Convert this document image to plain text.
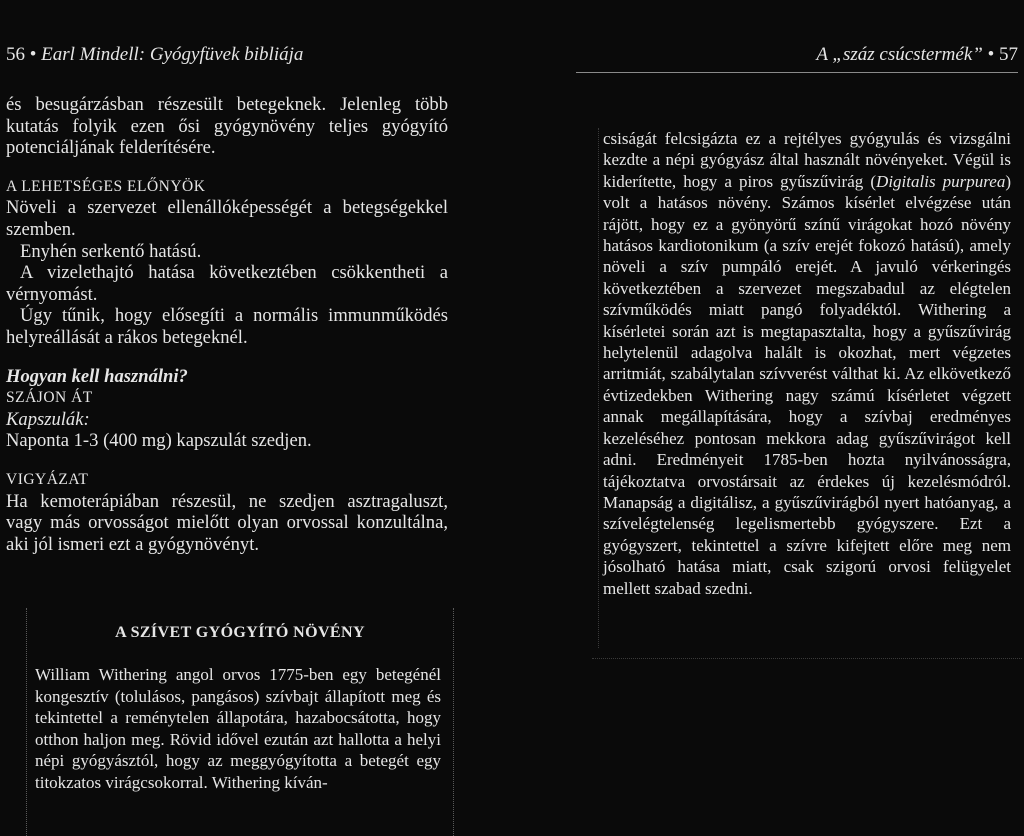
56 • Earl Mindell: Gyógyfüvek bibliája

és besugárzásban részesült betegeknek. Jelenleg több kutatás folyik ezen ősi gyógynövény teljes gyógyító potenciáljának felderítésére.

A LEHETSÉGES ELŐNYÖK

Növeli a szervezet ellenállóképességét a betegségekkel szemben.

Enyhén serkentő hatású.

A vizelethajtó hatása következtében csökkentheti a vérnyomást.

Úgy tűnik, hogy elősegíti a normális immunműködés helyreállását a rákos betegeknél.

Hogyan kell használni?

SZÁJON ÁT

Kapszulák:

Naponta 1-3 (400 mg) kapszulát szedjen.

VIGYÁZAT

Ha kemoterápiában részesül, ne szedjen asztragaluszt, vagy más orvosságot mielőtt olyan orvossal konzultálna, aki jól ismeri ezt a gyógynövényt.

A SZÍVET GYÓGYÍTÓ NÖVÉNY
William Withering angol orvos 1775-ben egy betegénél kongesztív (tolulásos, pangásos) szívbajt állapított meg és tekintettel a reménytelen állapotára, hazabocsátotta, hogy otthon haljon meg. Rövid idővel ezután azt hallotta a helyi népi gyógyásztól, hogy az meggyógyította a betegét egy titokzatos virágcsokorral. Withering kíván-
A „száz csúcstermék” • 57
csiságát felcsigázta ez a rejtélyes gyógyulás és vizsgálni kezdte a népi gyógyász által használt növényeket. Végül is kiderítette, hogy a piros gyűszűvirág (Digitalis purpurea) volt a hatásos növény. Számos kísérlet elvégzése után rájött, hogy ez a gyönyörű színű virágokat hozó növény hatásos kardiotonikum (a szív erejét fokozó hatású), amely növeli a szív pumpáló erejét. A javuló vérkeringés következtében a szervezet megszabadul az elégtelen szívműködés miatt pangó folyadéktól. Withering a kísérletei során azt is megtapasztalta, hogy a gyűszűvirág helytelenül adagolva halált is okozhat, mert végzetes arritmiát, szabálytalan szívverést válthat ki. Az elkövetkező évtizedekben Withering nagy számú kísérletet végzett annak megállapítására, hogy a szívbaj eredményes kezeléséhez pontosan mekkora adag gyűszűvirágot kell adni. Eredményeit 1785-ben hozta nyilvánosságra, tájékoztatva orvostársait az érdekes új kezelésmódról. Manapság a digitálisz, a gyűszűvirágból nyert hatóanyag, a szívelégtelenség legelismertebb gyógyszere. Ezt a gyógyszert, tekintettel a szívre kifejtett előre meg nem jósolható hatása miatt, csak szigorú orvosi felügyelet mellett szabad szedni.
